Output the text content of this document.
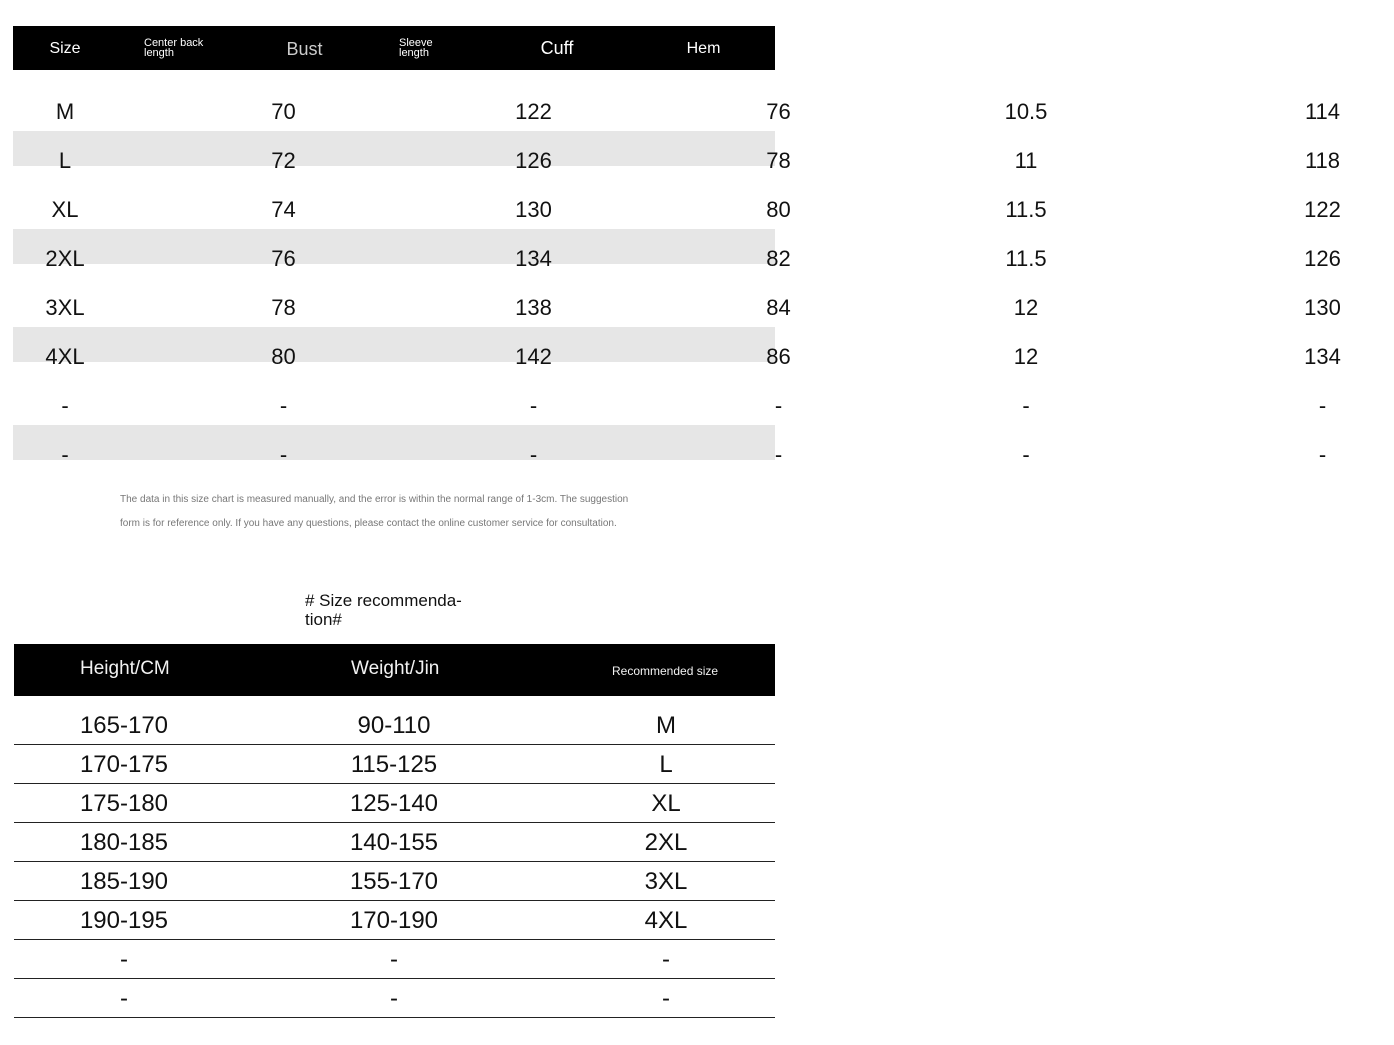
Size	Center back length	Bust	Sleeve length	Cuff	Hem
M	70	122	76	10.5	114
L	72	126	78	11	118
XL	74	130	80	11.5	122
2XL	76	134	82	11.5	126
3XL	78	138	84	12	130
4XL	80	142	86	12	134
-	-	-	-	-	-
-	-	-	-	-	-
The data in this size chart is measured manually, and the error is within the normal range of 1-3cm. The suggestion
form is for reference only. If you have any questions, please contact the online customer service for consultation.
# Size recommenda-
tion#
Height/CM	Weight/Jin	Recommended size
165-170	90-110	M
170-175	115-125	L
175-180	125-140	XL
180-185	140-155	2XL
185-190	155-170	3XL
190-195	170-190	4XL
-	-	-
-	-	-
